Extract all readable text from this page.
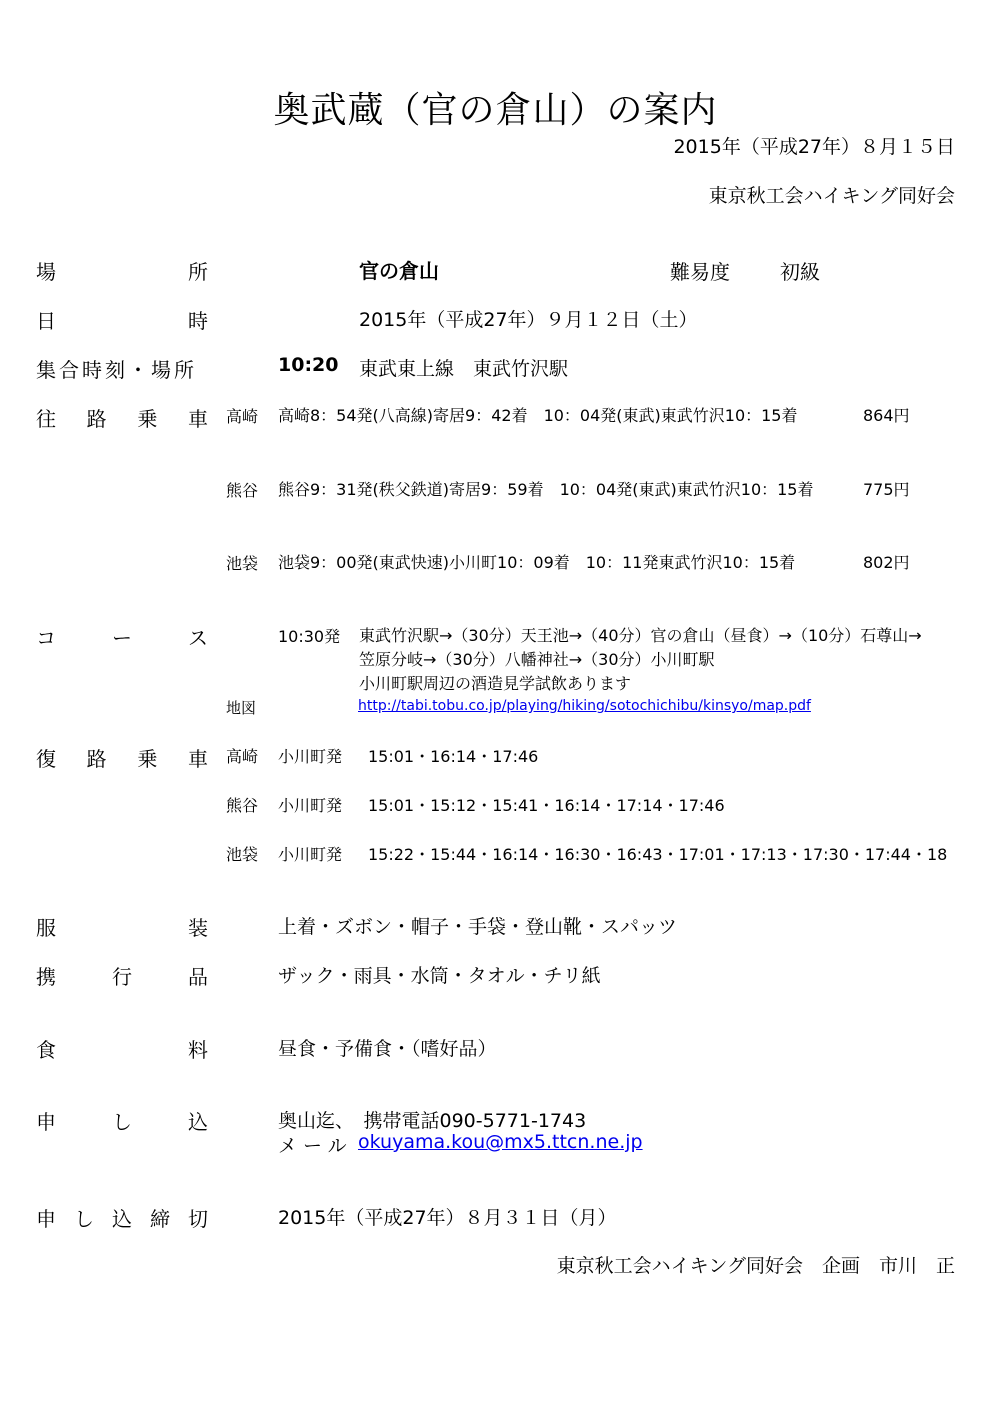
奥武蔵（官の倉山）の案内
2015年（平成27年）８月１５日
東京秋工会ハイキング同好会
場	所	官の倉山	難易度	初級
日	時	2015年（平成27年）９月１２日（土）
集合時刻・場所	10:20 東武東上線　東武竹沢駅
往 路 乗 車 高崎 高崎8：54発(八高線)寄居9：42着　10：04発(東武)東武竹沢10：15着	864円
熊谷 熊谷9：31発(秩父鉄道)寄居9：59着　10：04発(東武)東武竹沢10：15着	775円
池袋 池袋9：00発(東武快速)小川町10：09着　10：11発東武竹沢10：15着	802円
コ	ー	ス	10:30発 東武竹沢駅→（30分）天王池→（40分）官の倉山（昼食）→（10分）石尊山→
笠原分岐→（30分）八幡神社→（30分）小川町駅
小川町駅周辺の酒造見学試飲あります
地図	http://tabi.tobu.co.jp/playing/hiking/sotochichibu/kinsyo/map.pdf
復 路 乗 車 高崎 小川町発 15:01・16:14・17:46
熊谷 小川町発 15:01・15:12・15:41・16:14・17:14・17:46
池袋 小川町発 15:22・15:44・16:14・16:30・16:43・17:01・17:13・17:30・17:44・18
服	装	上着・ズボン・帽子・手袋・登山靴・スパッツ
携	行	品	ザック・雨具・水筒・タオル・チリ紙
食	料	昼食・予備食・（嗜好品）
申	し	込	奥山迄、　携帯電話090-5771-1743
メール okuyama.kou@mx5.ttcn.ne.jp
申 し 込 締 切	2015年（平成27年）８月３１日（月）
東京秋工会ハイキング同好会　企画　市川　正
